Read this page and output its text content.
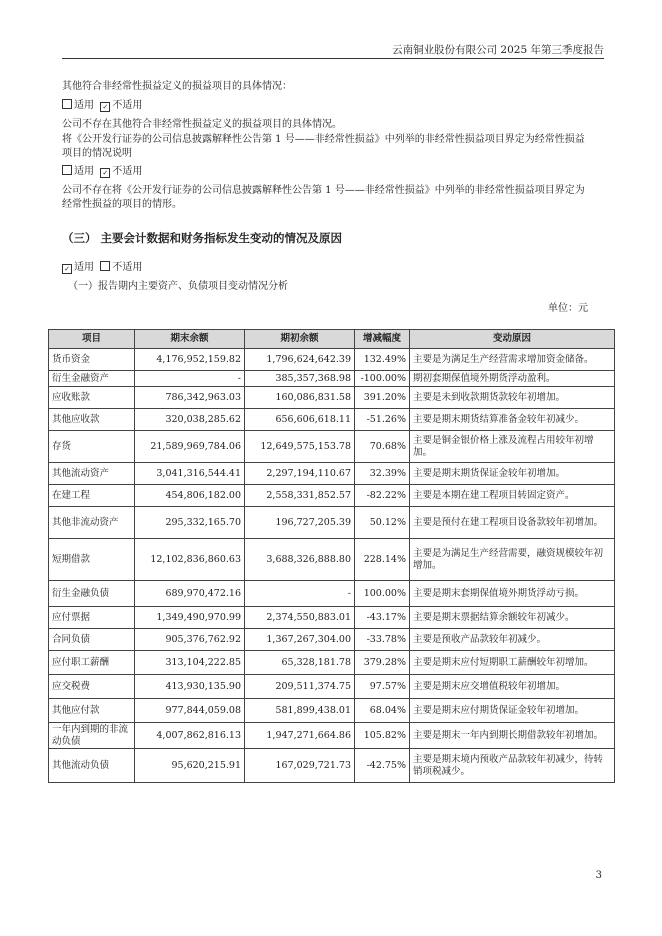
云南铜业股份有限公司 2025 年第三季度报告
其他符合非经常性损益定义的损益项目的具体情况：
适用 ✓ 不适用
公司不存在其他符合非经常性损益定义的损益项目的具体情况。
将《公开发行证券的公司信息披露解释性公告第 1 号——非经常性损益》中列举的非经常性损益项目界定为经常性损益
项目的情况说明
适用 ✓ 不适用
公司不存在将《公开发行证券的公司信息披露解释性公告第 1 号——非经常性损益》中列举的非经常性损益项目界定为
经常性损益的项目的情形。
（三） 主要会计数据和财务指标发生变动的情况及原因
✓ 适用 不适用
（一）报告期内主要资产、负债项目变动情况分析
单位：元
项目	期末余额	期初余额	增减幅度	变动原因
货币资金	4,176,952,159.82	1,796,624,642.39	132.49%	主要是为满足生产经营需求增加资金储备。
衍生金融资产	-	385,357,368.98	-100.00%	期初套期保值境外期货浮动盈利。
应收账款	786,342,963.03	160,086,831.58	391.20%	主要是未到收款期货款较年初增加。
其他应收款	320,038,285.62	656,606,618.11	-51.26%	主要是期末期货结算准备金较年初减少。
存货	21,589,969,784.06	12,649,575,153.78	70.68%	主要是铜金银价格上涨及流程占用较年初增加。
其他流动资产	3,041,316,544.41	2,297,194,110.67	32.39%	主要是期末期货保证金较年初增加。
在建工程	454,806,182.00	2,558,331,852.57	-82.22%	主要是本期在建工程项目转固定资产。
其他非流动资产	295,332,165.70	196,727,205.39	50.12%	主要是预付在建工程项目设备款较年初增加。
短期借款	12,102,836,860.63	3,688,326,888.80	228.14%	主要是为满足生产经营需要，融资规模较年初增加。
衍生金融负债	689,970,472.16	-	100.00%	主要是期末套期保值境外期货浮动亏损。
应付票据	1,349,490,970.99	2,374,550,883.01	-43.17%	主要是期末票据结算余额较年初减少。
合同负债	905,376,762.92	1,367,267,304.00	-33.78%	主要是预收产品款较年初减少。
应付职工薪酬	313,104,222.85	65,328,181.78	379.28%	主要是期末应付短期职工薪酬较年初增加。
应交税费	413,930,135.90	209,511,374.75	97.57%	主要是期末应交增值税较年初增加。
其他应付款	977,844,059.08	581,899,438.01	68.04%	主要是期末应付期货保证金较年初增加。
一年内到期的非流动负债	4,007,862,816.13	1,947,271,664.86	105.82%	主要是期末一年内到期长期借款较年初增加。
其他流动负债	95,620,215.91	167,029,721.73	-42.75%	主要是期末境内预收产品款较年初减少，待转销项税减少。
3
